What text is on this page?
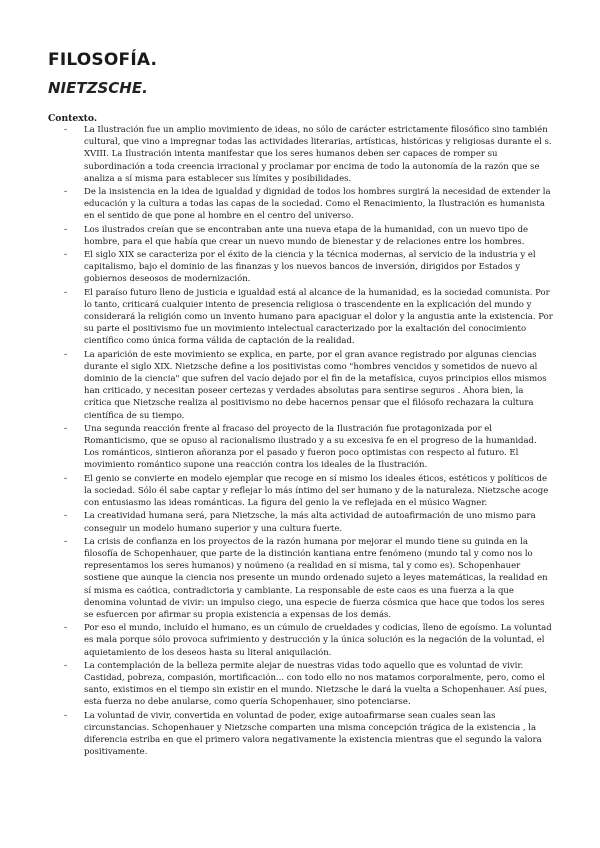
FILOSOFÍA.
NIETZSCHE.
Contexto.
- La Ilustración fue un amplio movimiento de ideas, no sólo de carácter estrictamente filosófico sino también cultural, que vino a impregnar todas las actividades literarias, artísticas, históricas y religiosas durante el s. XVIII. La Ilustración intenta manifestar que los seres humanos deben ser capaces de romper su subordinación a toda creencia irracional y proclamar por encima de todo la autonomía de la razón que se analiza a sí misma para establecer sus límites y posibilidades.
- De la insistencia en la idea de igualdad y dignidad de todos los hombres surgirá la necesidad de extender la educación y la cultura a todas las capas de la sociedad. Como el Renacimiento, la Ilustración es humanista en el sentido de que pone al hombre en el centro del universo.
- Los ilustrados creían que se encontraban ante una nueva etapa de la humanidad, con un nuevo tipo de hombre, para el que había que crear un nuevo mundo de bienestar y de relaciones entre los hombres.
- El siglo XIX se caracteriza por el éxito de la ciencia y la técnica modernas, al servicio de la industria y el capitalismo, bajo el dominio de las finanzas y los nuevos bancos de inversión, dirigidos por Estados y gobiernos deseosos de modernización.
- El paraíso futuro lleno de justicia e igualdad está al alcance de la humanidad, es la sociedad comunista. Por lo tanto, criticará cualquier intento de presencia religiosa o trascendente en la explicación del mundo y considerará la religión como un invento humano para apaciguar el dolor y la angustia ante la existencia. Por su parte el positivismo fue un movimiento intelectual caracterizado por la exaltación del conocimiento científico como única forma válida de captación de la realidad.
- La aparición de este movimiento se explica, en parte, por el gran avance registrado por algunas ciencias durante el siglo XIX. Nietzsche define a los positivistas como "hombres vencidos y sometidos de nuevo al dominio de la ciencia" que sufren del vacío dejado por el fin de la metafísica, cuyos principios ellos mismos han criticado, y necesitan poseer certezas y verdades absolutas para sentirse seguros . Ahora bien, la crítica que Nietzsche realiza al positivismo no debe hacernos pensar que el filósofo rechazara la cultura científica de su tiempo.
- Una segunda reacción frente al fracaso del proyecto de la Ilustración fue protagonizada por el Romanticismo, que se opuso al racionalismo ilustrado y a su excesiva fe en el progreso de la humanidad. Los románticos, sintieron añoranza por el pasado y fueron poco optimistas con respecto al futuro. El movimiento romántico supone una reacción contra los ideales de la Ilustración.
- El genio se convierte en modelo ejemplar que recoge en sí mismo los ideales éticos, estéticos y políticos de la sociedad. Sólo él sabe captar y reflejar lo más íntimo del ser humano y de la naturaleza. Nietzsche acoge con entusiasmo las ideas románticas. La figura del genio la ve reflejada en el músico Wagner.
- La creatividad humana será, para Nietzsche, la más alta actividad de autoafirmación de uno mismo para conseguir un modelo humano superior y una cultura fuerte.
- La crisis de confianza en los proyectos de la razón humana por mejorar el mundo tiene su guinda en la filosofía de Schopenhauer, que parte de la distinción kantiana entre fenómeno (mundo tal y como nos lo representamos los seres humanos) y noúmeno (a realidad en sí misma, tal y como es). Schopenhauer sostiene que aunque la ciencia nos presente un mundo ordenado sujeto a leyes matemáticas, la realidad en sí misma es caótica, contradictoria y cambiante. La responsable de este caos es una fuerza a la que denomina voluntad de vivir: un impulso ciego, una especie de fuerza cósmica que hace que todos los seres se esfuercen por afirmar su propia existencia a expensas de los demás.
- Por eso el mundo, incluido el humano, es un cúmulo de crueldades y codicias, lleno de egoísmo. La voluntad es mala porque sólo provoca sufrimiento y destrucción y la única solución es la negación de la voluntad, el aquietamiento de los deseos hasta su literal aniquilación.
- La contemplación de la belleza permite alejar de nuestras vidas todo aquello que es voluntad de vivir. Castidad, pobreza, compasión, mortificación... con todo ello no nos matamos corporalmente, pero, como el santo, existimos en el tiempo sin existir en el mundo. Nietzsche le dará la vuelta a Schopenhauer. Así pues, esta fuerza no debe anularse, como quería Schopenhauer, sino potenciarse.
- La voluntad de vivir, convertida en voluntad de poder, exige autoafirmarse sean cuales sean las circunstancias. Schopenhauer y Nietzsche comparten una misma concepción trágica de la existencia , la diferencia estriba en que el primero valora negativamente la existencia mientras que el segundo la valora positivamente.
